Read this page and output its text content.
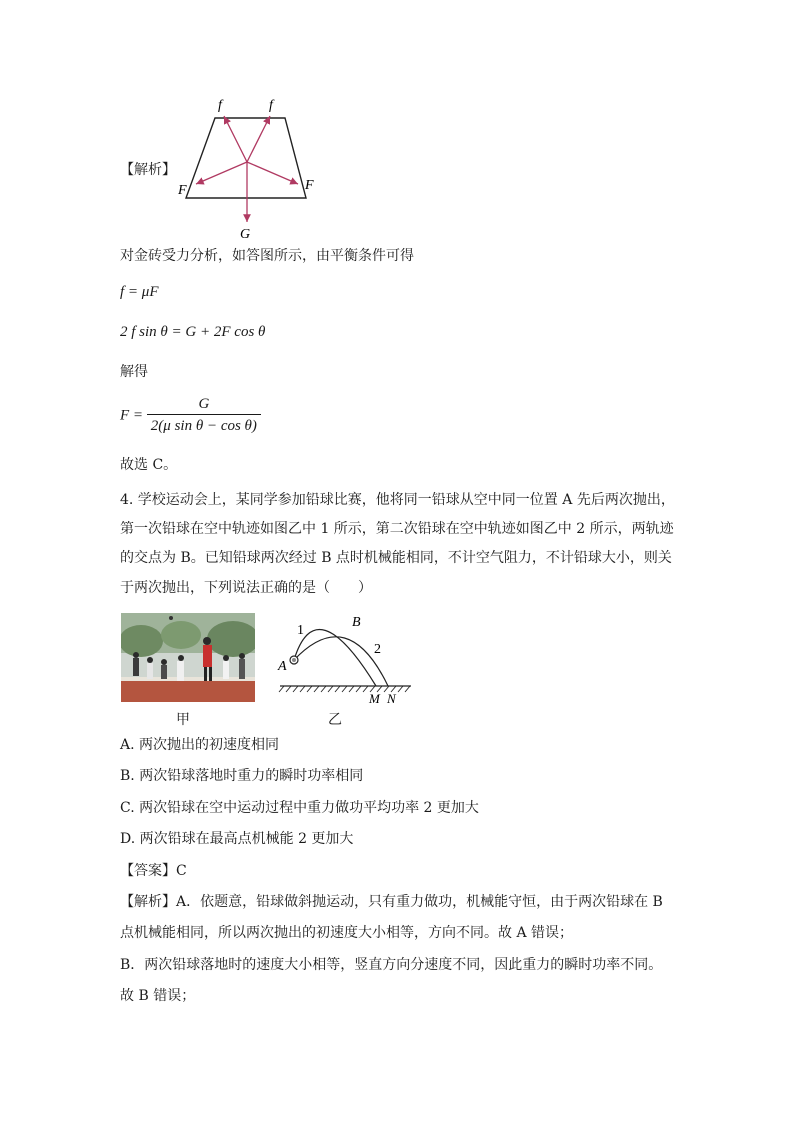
f	f
F	F
G
【解析】
对金砖受力分析，如答图所示，由平衡条件可得
f = μF
2 f sin θ = G + 2F cos θ
解得
$F = \frac{G}{\text{2(μ sin θ − cos θ)}}$
故选 C。
4. 学校运动会上，某同学参加铅球比赛，他将同一铅球从空中同一位置 A 先后两次抛出，
第一次铅球在空中轨迹如图乙中 1 所示，第二次铅球在空中轨迹如图乙中 2 所示，两轨迹
的交点为 B。已知铅球两次经过 B 点时机械能相同，不计空气阻力，不计铅球大小，则关
于两次抛出，下列说法正确的是（　　）
甲
1
B
2
A
M N
乙
A. 两次抛出的初速度相同
B. 两次铅球落地时重力的瞬时功率相同
C. 两次铅球在空中运动过程中重力做功平均功率 2 更加大
D. 两次铅球在最高点机械能 2 更加大
【答案】C
【解析】A．依题意，铅球做斜抛运动，只有重力做功，机械能守恒，由于两次铅球在 B
点机械能相同，所以两次抛出的初速度大小相等，方向不同。故 A 错误；
B．两次铅球落地时的速度大小相等，竖直方向分速度不同，因此重力的瞬时功率不同。
故 B 错误；
